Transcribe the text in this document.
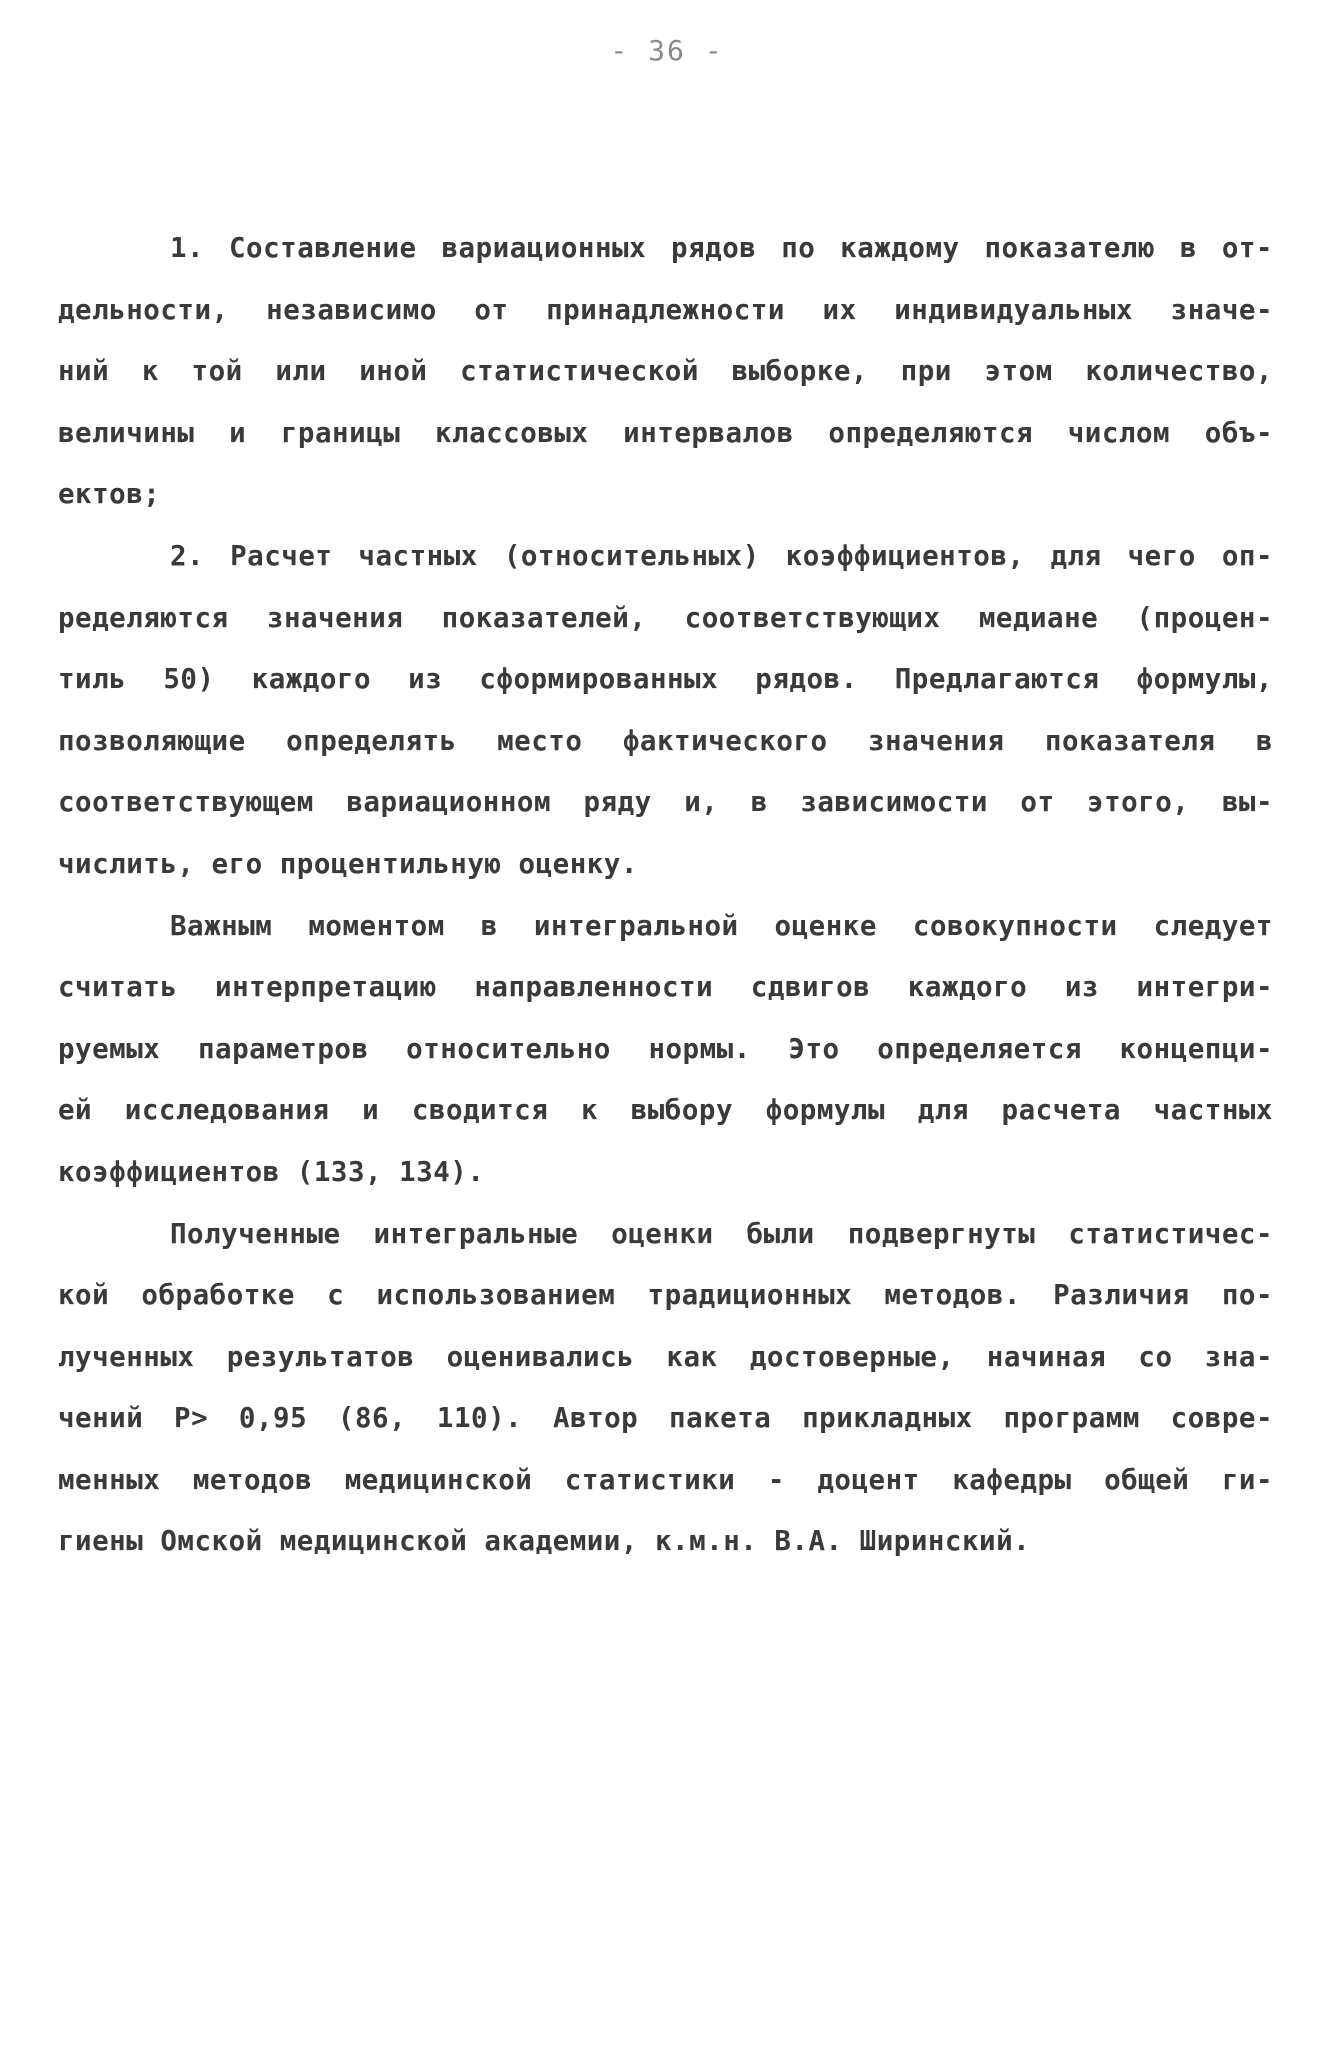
- 36 -
1. Составление вариационных рядов по каждому показателю в от-
дельности, независимо от принадлежности их индивидуальных значе-
ний к той или иной статистической выборке, при этом количество,
величины и границы классовых интервалов определяются числом объ-
ектов;
2. Расчет частных (относительных) коэффициентов, для чего оп-
ределяются значения показателей, соответствующих медиане (процен-
тиль 50) каждого из сформированных рядов. Предлагаются формулы,
позволяющие определять место фактического значения показателя в
соответствующем вариационном ряду и, в зависимости от этого, вы-
числить, его процентильную оценку.
Важным моментом в интегральной оценке совокупности следует
считать интерпретацию направленности сдвигов каждого из интегри-
руемых параметров относительно нормы. Это определяется концепци-
ей исследования и сводится к выбору формулы для расчета частных
коэффициентов (133, 134).
Полученные интегральные оценки были подвергнуты статистичес-
кой обработке с использованием традиционных методов. Различия по-
лученных результатов оценивались как достоверные, начиная со зна-
чений P> 0,95 (86, 110). Автор пакета прикладных программ совре-
менных методов медицинской статистики - доцент кафедры общей ги-
гиены Омской медицинской академии, к.м.н. В.А. Ширинский.
